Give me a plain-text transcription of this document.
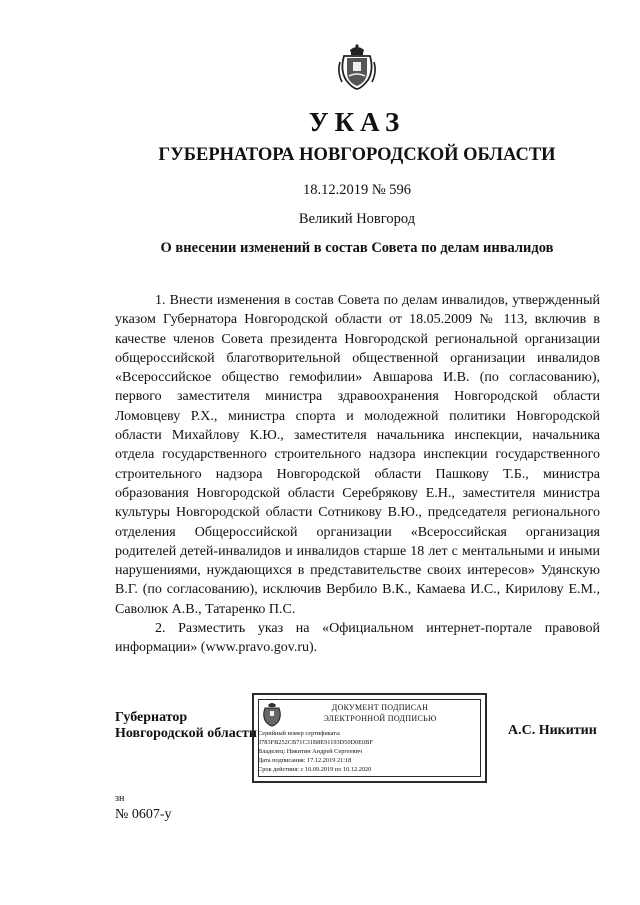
УКАЗ
ГУБЕРНАТОРА НОВГОРОДСКОЙ ОБЛАСТИ
18.12.2019 № 596
Великий Новгород
О внесении изменений в состав Совета по делам инвалидов

1. Внести изменения в состав Совета по делам инвалидов, утвержденный указом Губернатора Новгородской области от 18.05.2009 № 113, включив в качестве членов Совета президента Новгородской региональной организации общероссийской благотворительной общественной организации инвалидов «Всероссийское общество гемофилии» Авшарова И.В. (по согласованию), первого заместителя министра здравоохранения Новгородской области Ломовцеву Р.Х., министра спорта и молодежной политики Новгородской области Михайлову К.Ю., заместителя начальника инспекции, начальника отдела государственного строительного надзора инспекции государственного строительного надзора Новгородской области Пашкову Т.Б., министра образования Новгородской области Серебрякову Е.Н., заместителя министра культуры Новгородской области Сотникову В.Ю., председателя регионального отделения Общероссийской организации «Всероссийская организация родителей детей-инвалидов и инвалидов старше 18 лет с ментальными и иными нарушениями, нуждающихся в представительстве своих интересов» Удянскую В.Г. (по согласованию), исключив Вербило В.К., Камаева И.С., Кирилову Е.М., Саволюк А.В., Татаренко П.С.

2. Разместить указ на «Официальном интернет-портале правовой информации» (www.pravo.gov.ru).

Губернатор
Новгородской области
ДОКУМЕНТ ПОДПИСАН
ЭЛЕКТРОННОЙ ПОДПИСЬЮ
Серийный номер сертификата:
0783FB252CB71C31B8E91193D50D0E0BF
Владелец: Никитин Андрей Сергеевич
Дата подписания: 17.12.2019 21:18
Срок действия: с 10.09.2019 по 10.12.2020
А.С. Никитин
зн
№ 0607-у
